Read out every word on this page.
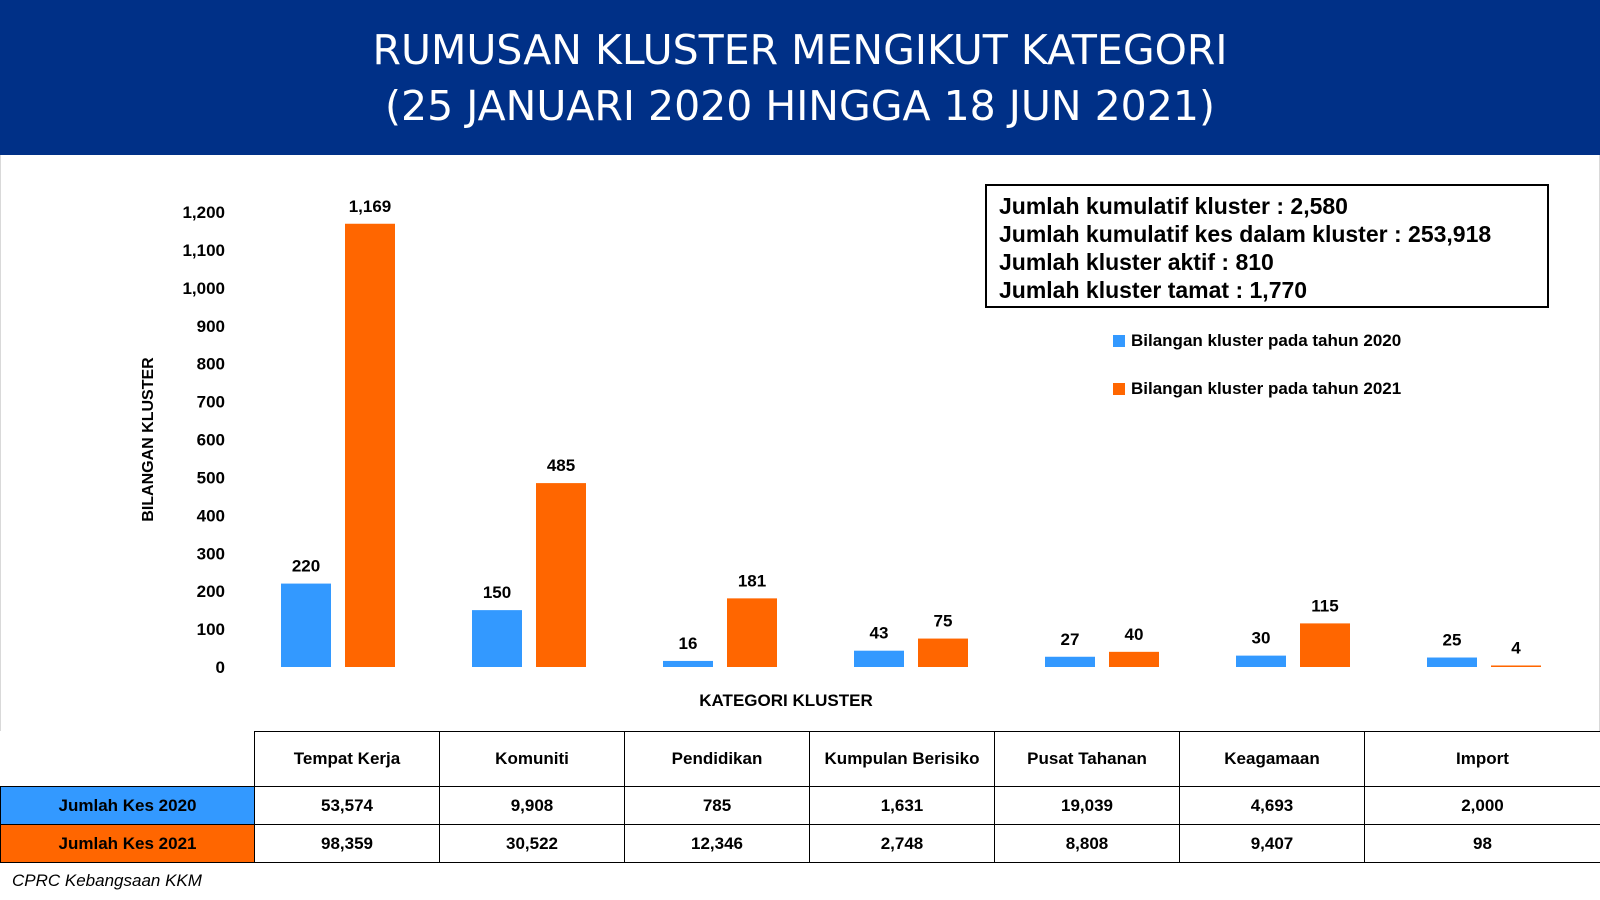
RUMUSAN KLUSTER MENGIKUT KATEGORI
(25 JANUARI 2020 HINGGA 18 JUN 2021)
0
100
200
300
400
500
600
700
800
900
1,000
1,100
1,200
BILANGAN KLUSTER
KATEGORI KLUSTER
220
1,169
150
485
16
181
43
75
27	40	30
115
25	4
Jumlah kumulatif kluster : 2,580
Jumlah kumulatif kes dalam kluster : 253,918
Jumlah kluster aktif : 810
Jumlah kluster tamat : 1,770
Bilangan kluster pada tahun 2020
Bilangan kluster pada tahun 2021
	Tempat Kerja	Komuniti	Pendidikan	Kumpulan Berisiko	Pusat Tahanan	Keagamaan	Import
Jumlah Kes 2020	53,574	9,908	785	1,631	19,039	4,693	2,000
Jumlah Kes 2021	98,359	30,522	12,346	2,748	8,808	9,407	98
CPRC Kebangsaan KKM
